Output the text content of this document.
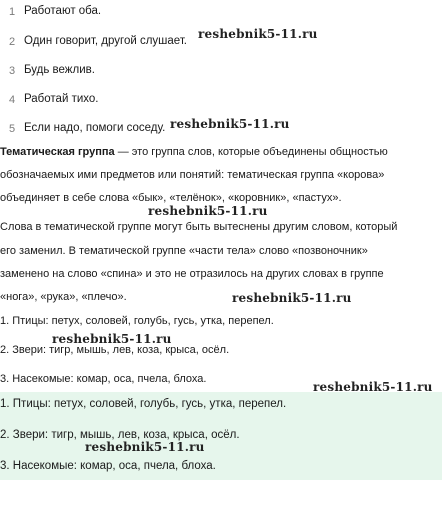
1 Работают оба.
2 Один говорит, другой слушает.
3 Будь вежлив.
4 Работай тихо.
5 Если надо, помоги соседу.
Тематическая группа — это группа слов, которые объединены общностью
обозначаемых ими предметов или понятий: тематическая группа «корова»
объединяет в себе слова «бык», «телёнок», «коровник», «пастух».
Слова в тематической группе могут быть вытеснены другим словом, который
его заменил. В тематической группе «части тела» слово «позвоночник»
заменено на слово «спина» и это не отразилось на других словах в группе
«нога», «рука», «плечо».
1. Птицы: петух, соловей, голубь, гусь, утка, перепел.
2. Звери: тигр, мышь, лев, коза, крыса, осёл.
3. Насекомые: комар, оса, пчела, блоха.
1. Птицы: петух, соловей, голубь, гусь, утка, перепел.
2. Звери: тигр, мышь, лев, коза, крыса, осёл.
3. Насекомые: комар, оса, пчела, блоха.
reshebnik5-11.ru
reshebnik5-11.ru
reshebnik5-11.ru
reshebnik5-11.ru
reshebnik5-11.ru
reshebnik5-11.ru
reshebnik5-11.ru
